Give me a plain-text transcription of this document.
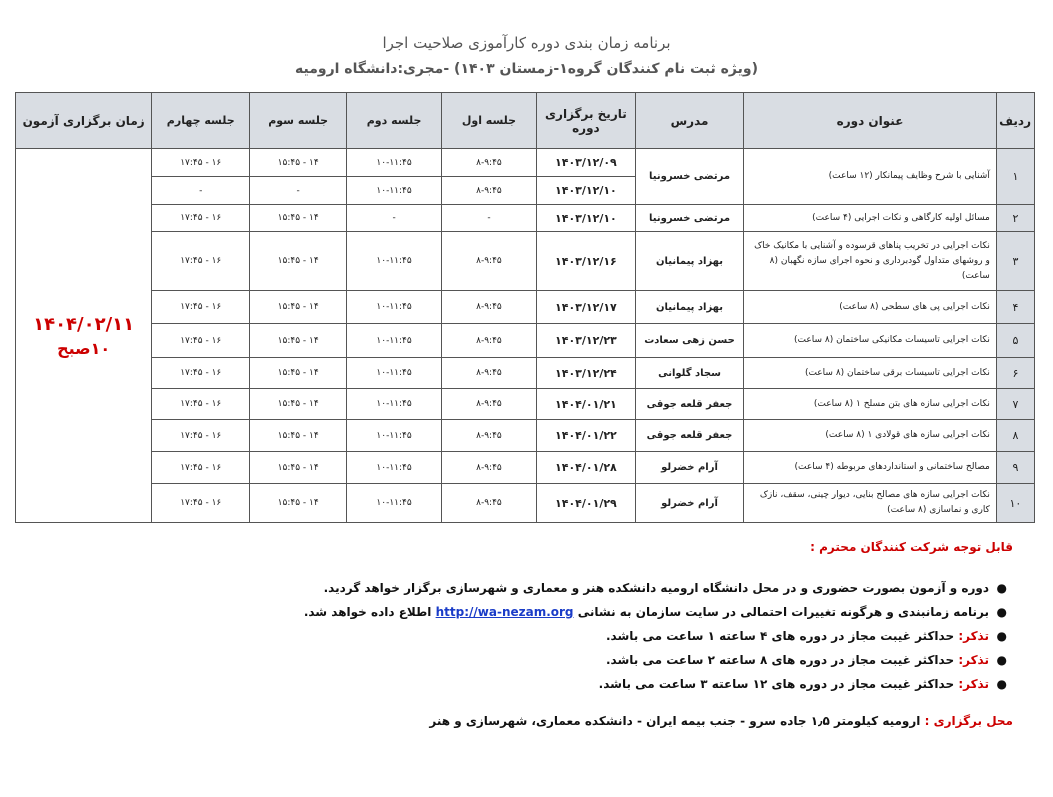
برنامه زمان بندی دوره کارآموزی صلاحیت اجرا
(ویژه ثبت نام کنندگان گروه۱-زمستان ۱۴۰۳) -مجری:دانشگاه ارومیه
ردیف	عنوان دوره	مدرس	تاریخ برگزاری دوره	جلسه اول	جلسه دوم	جلسه سوم	جلسه چهارم	زمان برگزاری آزمون
۱	آشنایی با شرح وظایف پیمانکار (۱۲ ساعت)	مرتضی خسرونیا	۱۴۰۳/۱۲/۰۹	۸-۹:۴۵	۱۰-۱۱:۴۵	۱۴ - ۱۵:۴۵	۱۶ - ۱۷:۴۵	۱۴۰۴/۰۲/۱۱
۱۰صبح

			۱۴۰۳/۱۲/۱۰	۸-۹:۴۵	۱۰-۱۱:۴۵	-	-	
۲	مسائل اولیه کارگاهی و نکات اجرایی (۴ ساعت)	مرتضی خسرونیا	۱۴۰۳/۱۲/۱۰	-	-	۱۴ - ۱۵:۴۵	۱۶ - ۱۷:۴۵	
۳	نکات اجرایی در تخریب پناهای قرسوده و آشنایی با مکانیک خاک و روشهای متداول گودبرداری و نحوه اجرای سازه نگهبان (۸ ساعت)	بهزاد پیمانیان	۱۴۰۳/۱۲/۱۶	۸-۹:۴۵	۱۰-۱۱:۴۵	۱۴ - ۱۵:۴۵	۱۶ - ۱۷:۴۵	
۴	نکات اجرایی پی های سطحی (۸ ساعت)	بهزاد پیمانیان	۱۴۰۳/۱۲/۱۷	۸-۹:۴۵	۱۰-۱۱:۴۵	۱۴ - ۱۵:۴۵	۱۶ - ۱۷:۴۵	
۵	نکات اجرایی تاسیسات مکانیکی ساختمان (۸ ساعت)	حسن زهی سعادت	۱۴۰۳/۱۲/۲۳	۸-۹:۴۵	۱۰-۱۱:۴۵	۱۴ - ۱۵:۴۵	۱۶ - ۱۷:۴۵	
۶	نکات اجرایی تاسیسات برقی ساختمان (۸ ساعت)	سجاد گلوانی	۱۴۰۳/۱۲/۲۴	۸-۹:۴۵	۱۰-۱۱:۴۵	۱۴ - ۱۵:۴۵	۱۶ - ۱۷:۴۵	
۷	نکات اجرایی سازه های بتن مسلح ۱ (۸ ساعت)	جعفر قلعه جوقی	۱۴۰۴/۰۱/۲۱	۸-۹:۴۵	۱۰-۱۱:۴۵	۱۴ - ۱۵:۴۵	۱۶ - ۱۷:۴۵	
۸	نکات اجرایی سازه های قولادی ۱ (۸ ساعت)	جعفر قلعه جوقی	۱۴۰۴/۰۱/۲۲	۸-۹:۴۵	۱۰-۱۱:۴۵	۱۴ - ۱۵:۴۵	۱۶ - ۱۷:۴۵	
۹	مصالح ساختمانی و استانداردهای مربوطه (۴ ساعت)	آرام خضرلو	۱۴۰۴/۰۱/۲۸	۸-۹:۴۵	۱۰-۱۱:۴۵	۱۴ - ۱۵:۴۵	۱۶ - ۱۷:۴۵	
۱۰	نکات اجرایی سازه های مصالح بنایی، دیوار چینی، سقف، نازک کاری و نماسازی (۸ ساعت)	آرام خضرلو	۱۴۰۴/۰۱/۲۹	۸-۹:۴۵	۱۰-۱۱:۴۵	۱۴ - ۱۵:۴۵	۱۶ - ۱۷:۴۵	
قابل توجه شرکت کنندگان محترم :
●
دوره و آزمون بصورت حضوری و در محل دانشگاه ارومیه دانشکده هنر و معماری و شهرسازی برگزار خواهد گردید.
●
برنامه زمانبندی و هرگونه تغییرات احتمالی در سایت سازمان به نشانی http://wa-nezam.org اطلاع داده خواهد شد.
●
تذکر: حداکثر غیبت مجاز در دوره های ۴ ساعته ۱ ساعت می باشد.
●
تذکر: حداکثر غیبت مجاز در دوره های ۸ ساعته ۲ ساعت می باشد.
●
تذکر: حداکثر غیبت مجاز در دوره های ۱۲ ساعته ۳ ساعت می باشد.
محل برگزاری : ارومیه کیلومتر ۱٫۵ جاده سرو - جنب بیمه ایران - دانشکده معماری، شهرسازی و هنر
